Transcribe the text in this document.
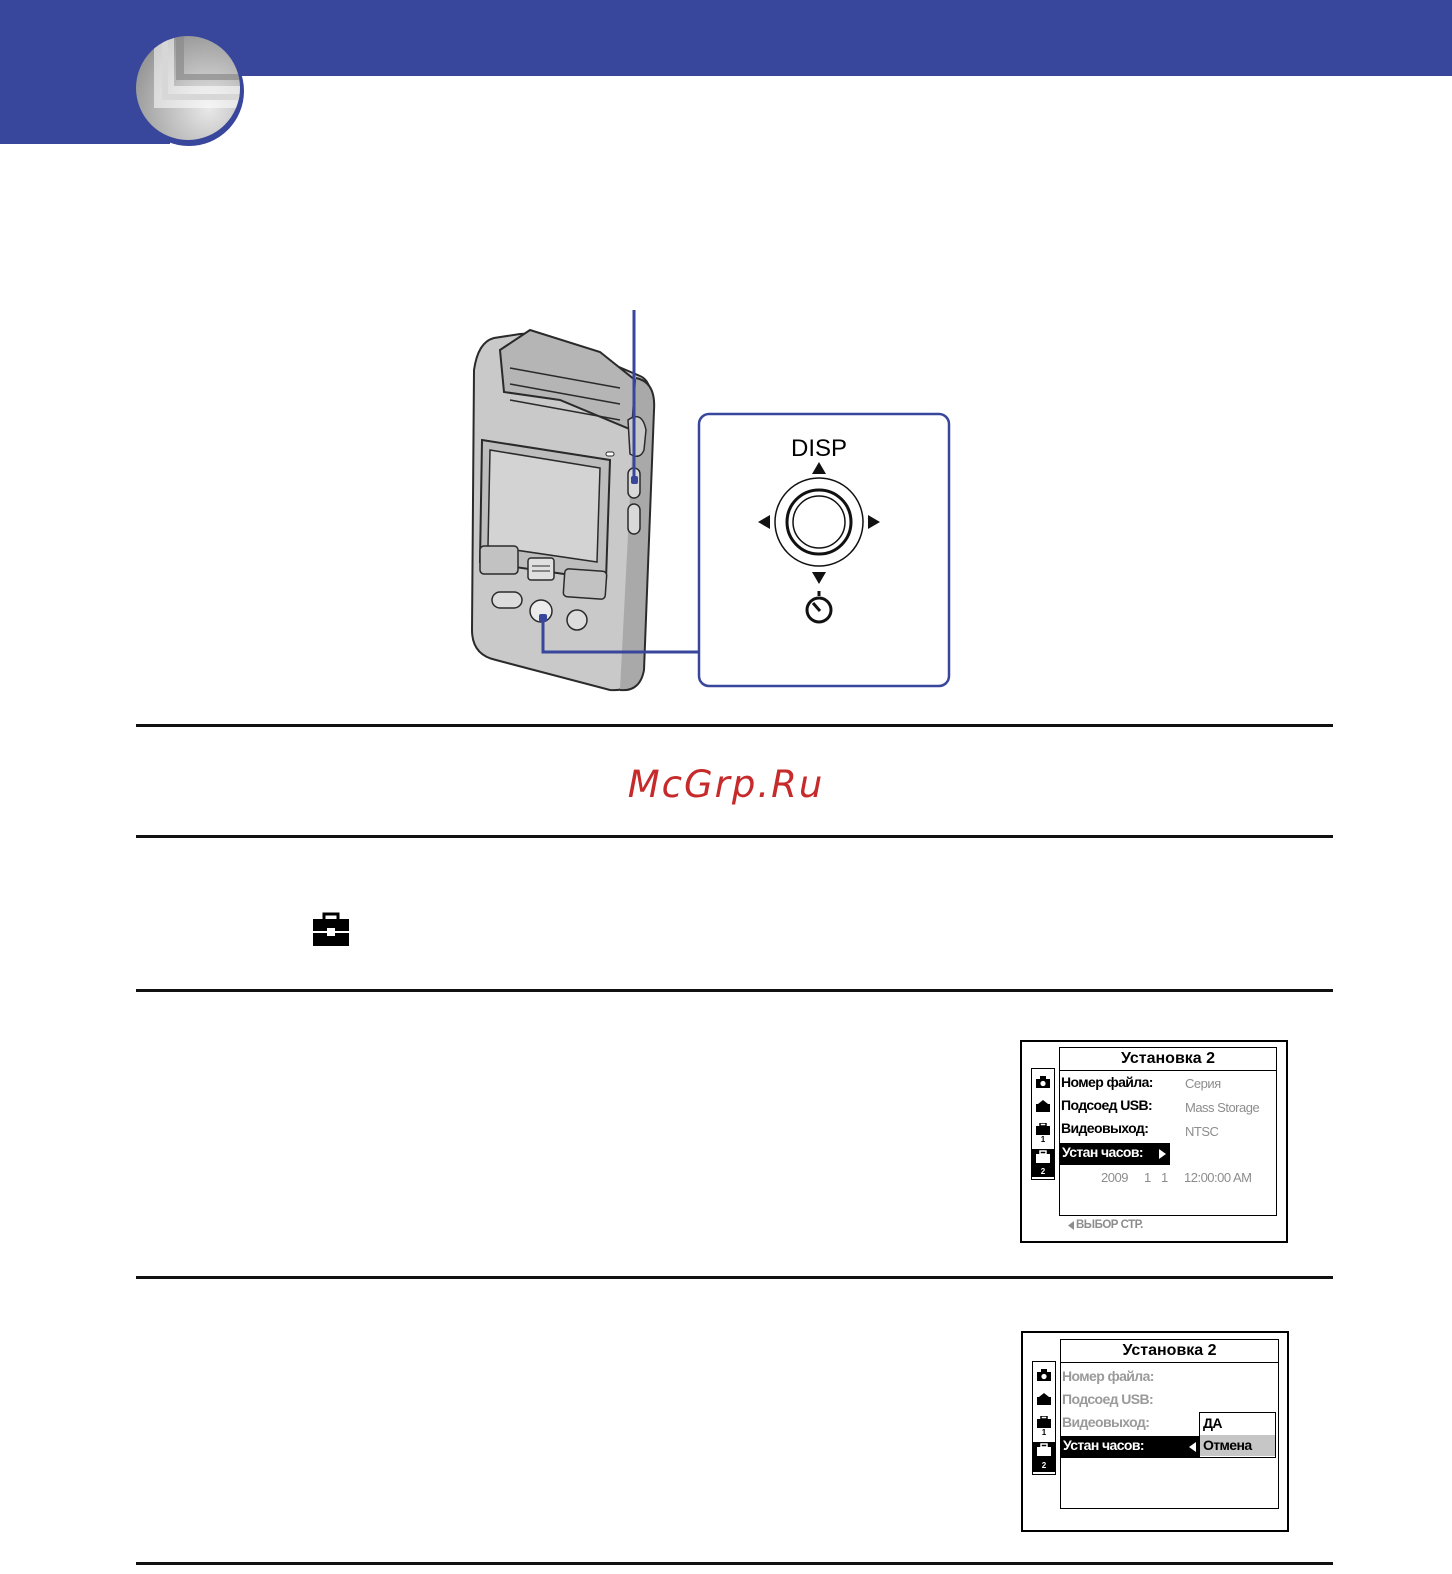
DISP
McGrp.Ru
1
2
Установка 2
Номер файла: Серия
Подсоед USB:	Mass Storage
Видеовыход:	NTSC
Устан часов:
2009 1 1 12:00:00 AM
ВЫБОР СТР.
1
2
Установка 2
Номер файла:
Подсоед USB:
Видеовыход:
Устан часов:
ДА
Отмена
